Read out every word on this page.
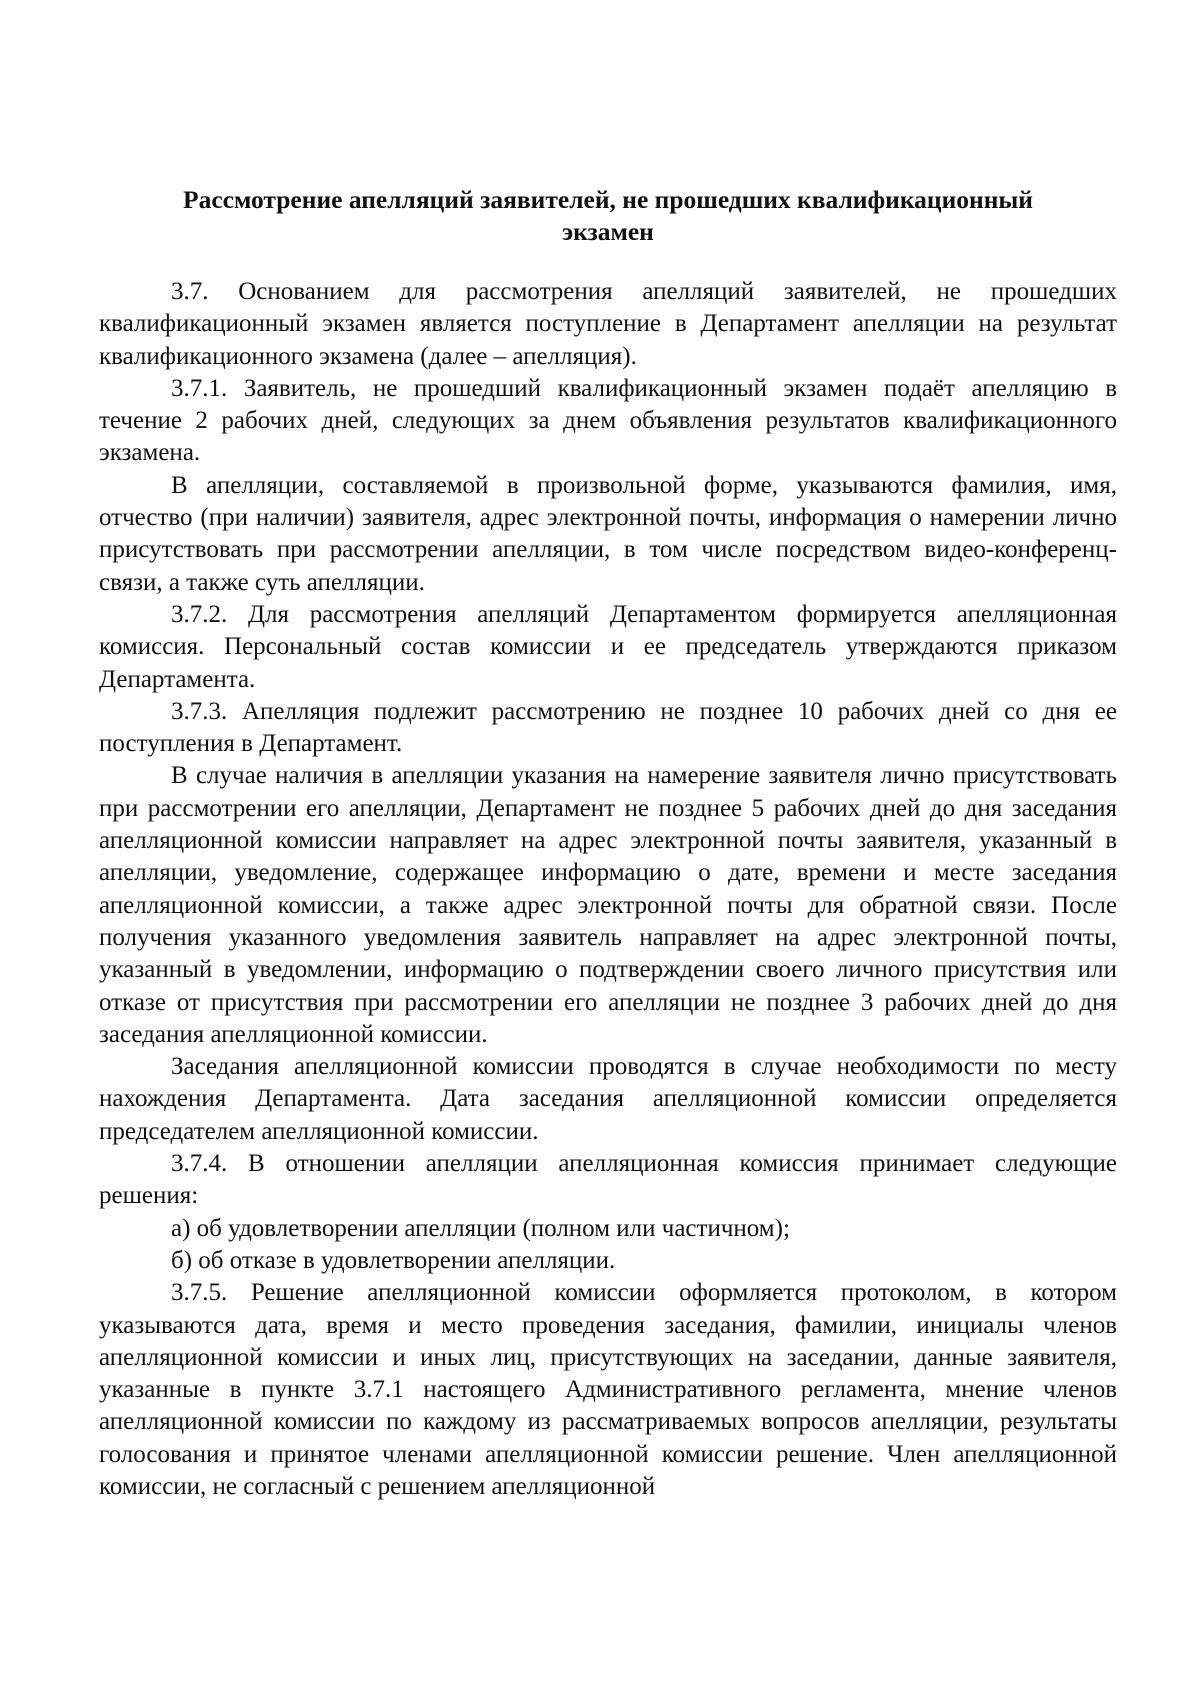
Рассмотрение апелляций заявителей, не прошедших квалификационный
экзамен

3.7. Основанием для рассмотрения апелляций заявителей, не прошедших квалификационный экзамен является поступление в Департамент апелляции на результат квалификационного экзамена (далее – апелляция).

3.7.1. Заявитель, не прошедший квалификационный экзамен подаёт апелляцию в течение 2 рабочих дней, следующих за днем объявления результатов квалификационного экзамена.

В апелляции, составляемой в произвольной форме, указываются фамилия, имя, отчество (при наличии) заявителя, адрес электронной почты, информация о намерении лично присутствовать при рассмотрении апелляции, в том числе посредством видео-конференц-связи, а также суть апелляции.

3.7.2. Для рассмотрения апелляций Департаментом формируется апелляционная комиссия. Персональный состав комиссии и ее председатель утверждаются приказом Департамента.

3.7.3. Апелляция подлежит рассмотрению не позднее 10 рабочих дней со дня ее поступления в Департамент.

В случае наличия в апелляции указания на намерение заявителя лично присутствовать при рассмотрении его апелляции, Департамент не позднее 5 рабочих дней до дня заседания апелляционной комиссии направляет на адрес электронной почты заявителя, указанный в апелляции, уведомление, содержащее информацию о дате, времени и месте заседания апелляционной комиссии, а также адрес электронной почты для обратной связи. После получения указанного уведомления заявитель направляет на адрес электронной почты, указанный в уведомлении, информацию о подтверждении своего личного присутствия или отказе от присутствия при рассмотрении его апелляции не позднее 3 рабочих дней до дня заседания апелляционной комиссии.

Заседания апелляционной комиссии проводятся в случае необходимости по месту нахождения Департамента. Дата заседания апелляционной комиссии определяется председателем апелляционной комиссии.

3.7.4. В отношении апелляции апелляционная комиссия принимает следующие решения:

а) об удовлетворении апелляции (полном или частичном);

б) об отказе в удовлетворении апелляции.

3.7.5. Решение апелляционной комиссии оформляется протоколом, в котором указываются дата, время и место проведения заседания, фамилии, инициалы членов апелляционной комиссии и иных лиц, присутствующих на заседании, данные заявителя, указанные в пункте 3.7.1 настоящего Административного регламента, мнение членов апелляционной комиссии по каждому из рассматриваемых вопросов апелляции, результаты голосования и принятое членами апелляционной комиссии решение. Член апелляционной комиссии, не согласный с решением апелляционной
